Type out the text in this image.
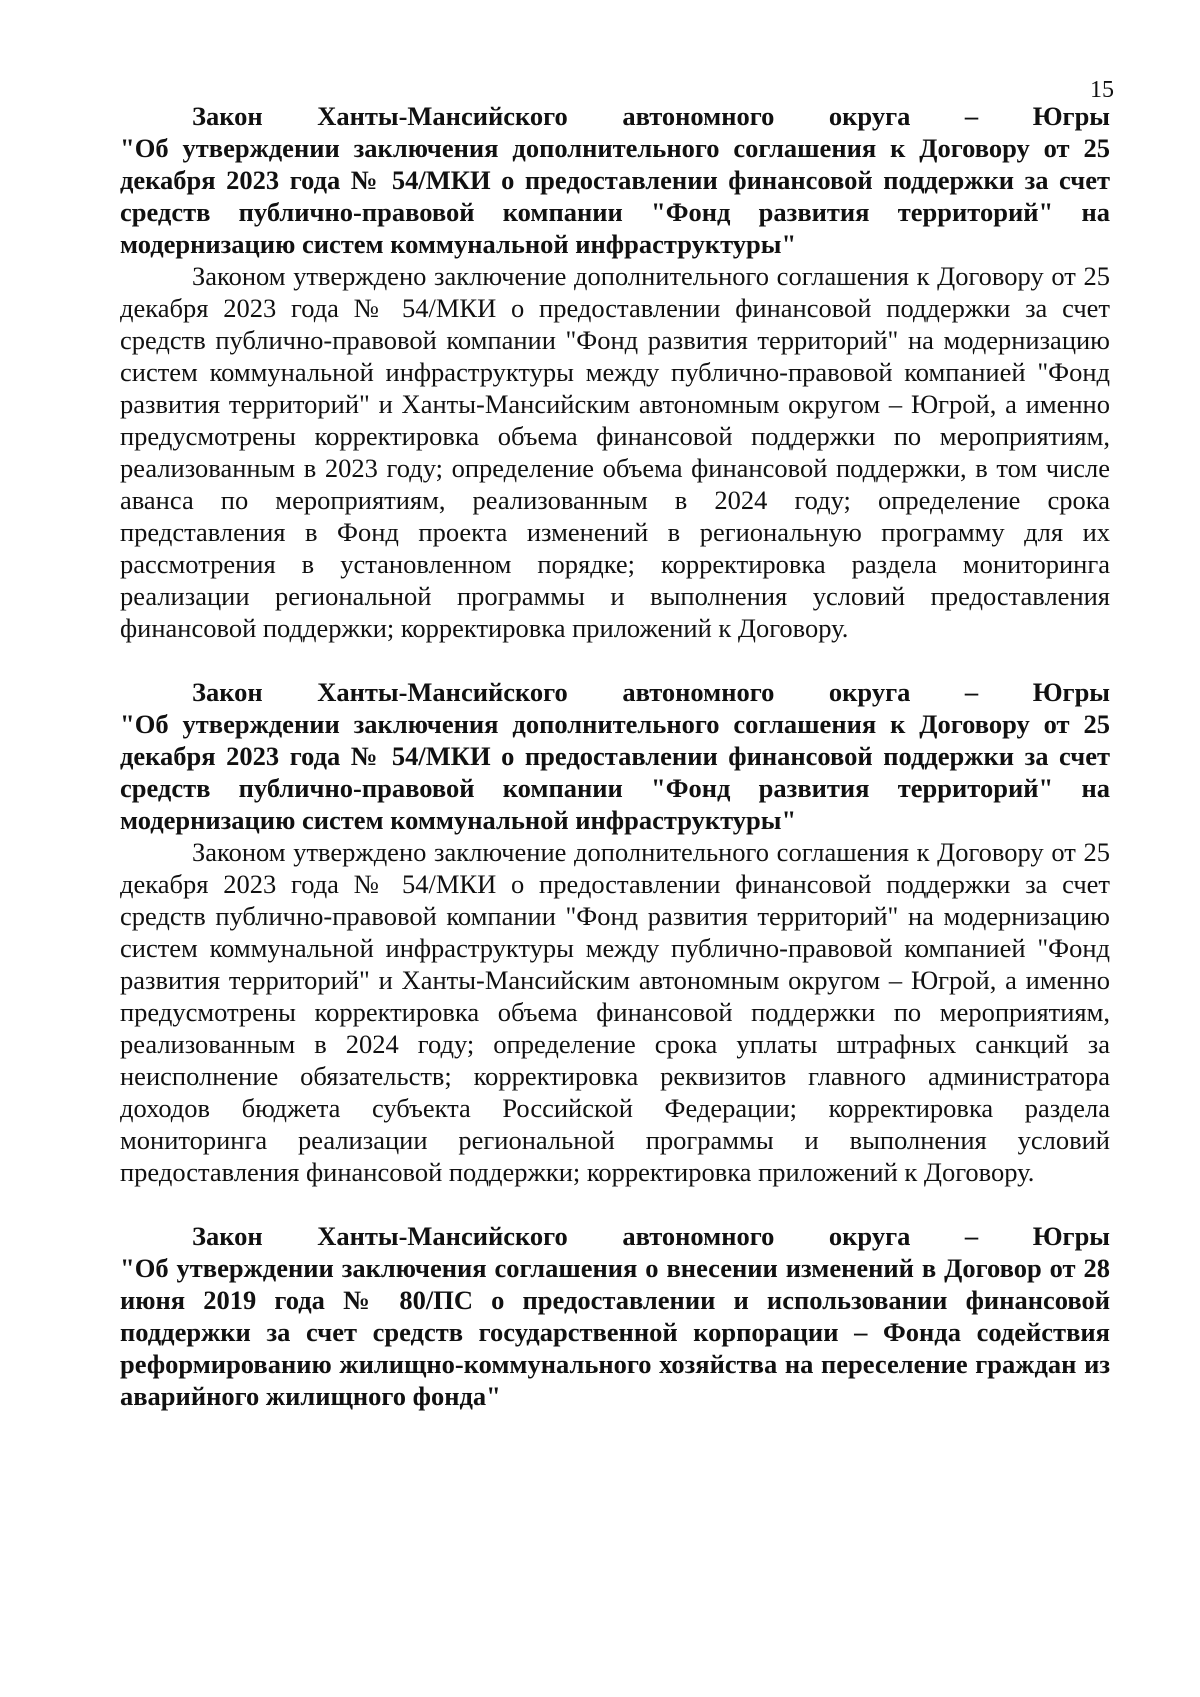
15
Закон Ханты-Мансийского автономного округа – Югры
"Об утверждении заключения дополнительного соглашения к Договору от 25 декабря 2023 года № 54/МКИ о предоставлении финансовой поддержки за счет средств публично-правовой компании "Фонд развития территорий" на модернизацию систем коммунальной инфраструктуры"

Законом утверждено заключение дополнительного соглашения к Договору от 25 декабря 2023 года № 54/МКИ о предоставлении финансовой поддержки за счет средств публично-правовой компании "Фонд развития территорий" на модернизацию систем коммунальной инфраструктуры между публично-правовой компанией "Фонд развития территорий" и Ханты-Мансийским автономным округом – Югрой, а именно предусмотрены корректировка объема финансовой поддержки по мероприятиям, реализованным в 2023 году; определение объема финансовой поддержки, в том числе аванса по мероприятиям, реализованным в 2024 году; определение срока представления в Фонд проекта изменений в региональную программу для их рассмотрения в установленном порядке; корректировка раздела мониторинга реализации региональной программы и выполнения условий предоставления финансовой поддержки; корректировка приложений к Договору.

Закон Ханты-Мансийского автономного округа – Югры
"Об утверждении заключения дополнительного соглашения к Договору от 25 декабря 2023 года № 54/МКИ о предоставлении финансовой поддержки за счет средств публично-правовой компании "Фонд развития территорий" на модернизацию систем коммунальной инфраструктуры"

Законом утверждено заключение дополнительного соглашения к Договору от 25 декабря 2023 года № 54/МКИ о предоставлении финансовой поддержки за счет средств публично-правовой компании "Фонд развития территорий" на модернизацию систем коммунальной инфраструктуры между публично-правовой компанией "Фонд развития территорий" и Ханты-Мансийским автономным округом – Югрой, а именно предусмотрены корректировка объема финансовой поддержки по мероприятиям, реализованным в 2024 году; определение срока уплаты штрафных санкций за неисполнение обязательств; корректировка реквизитов главного администратора доходов бюджета субъекта Российской Федерации; корректировка раздела мониторинга реализации региональной программы и выполнения условий предоставления финансовой поддержки; корректировка приложений к Договору.

Закон Ханты-Мансийского автономного округа – Югры
"Об утверждении заключения соглашения о внесении изменений в Договор от 28 июня 2019 года № 80/ПС о предоставлении и использовании финансовой поддержки за счет средств государственной корпорации – Фонда содействия реформированию жилищно-коммунального хозяйства на переселение граждан из аварийного жилищного фонда"
